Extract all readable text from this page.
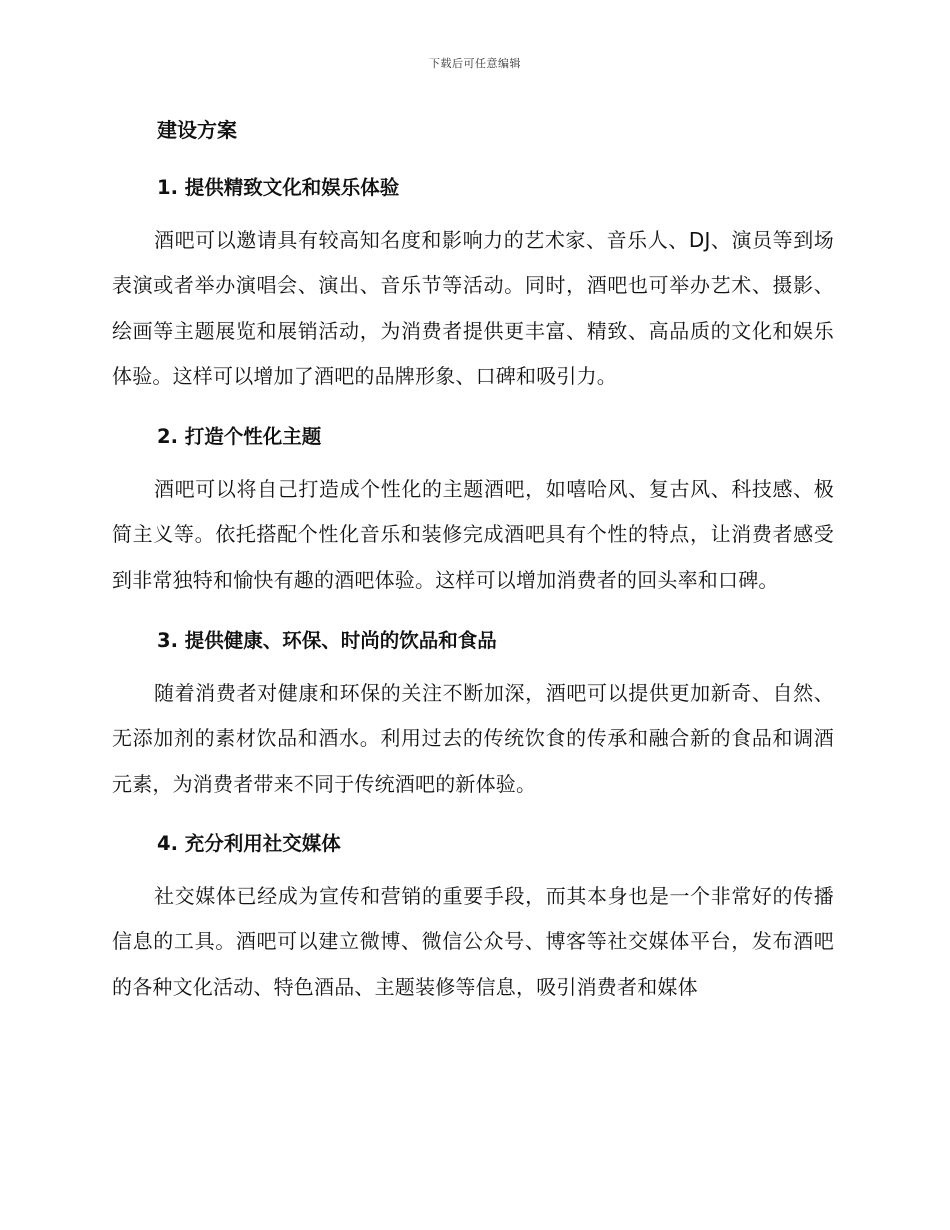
下载后可任意编辑
建设方案
1. 提供精致文化和娱乐体验

酒吧可以邀请具有较高知名度和影响力的艺术家、音乐人、DJ、演员等到场表演或者举办演唱会、演出、音乐节等活动。同时，酒吧也可举办艺术、摄影、绘画等主题展览和展销活动，为消费者提供更丰富、精致、高品质的文化和娱乐体验。这样可以增加了酒吧的品牌形象、口碑和吸引力。

2. 打造个性化主题

酒吧可以将自己打造成个性化的主题酒吧，如嘻哈风、复古风、科技感、极简主义等。依托搭配个性化音乐和装修完成酒吧具有个性的特点，让消费者感受到非常独特和愉快有趣的酒吧体验。这样可以增加消费者的回头率和口碑。

3. 提供健康、环保、时尚的饮品和食品

随着消费者对健康和环保的关注不断加深，酒吧可以提供更加新奇、自然、无添加剂的素材饮品和酒水。利用过去的传统饮食的传承和融合新的食品和调酒元素，为消费者带来不同于传统酒吧的新体验。

4. 充分利用社交媒体

社交媒体已经成为宣传和营销的重要手段，而其本身也是一个非常好的传播信息的工具。酒吧可以建立微博、微信公众号、博客等社交媒体平台，发布酒吧的各种文化活动、特色酒品、主题装修等信息，吸引消费者和媒体
